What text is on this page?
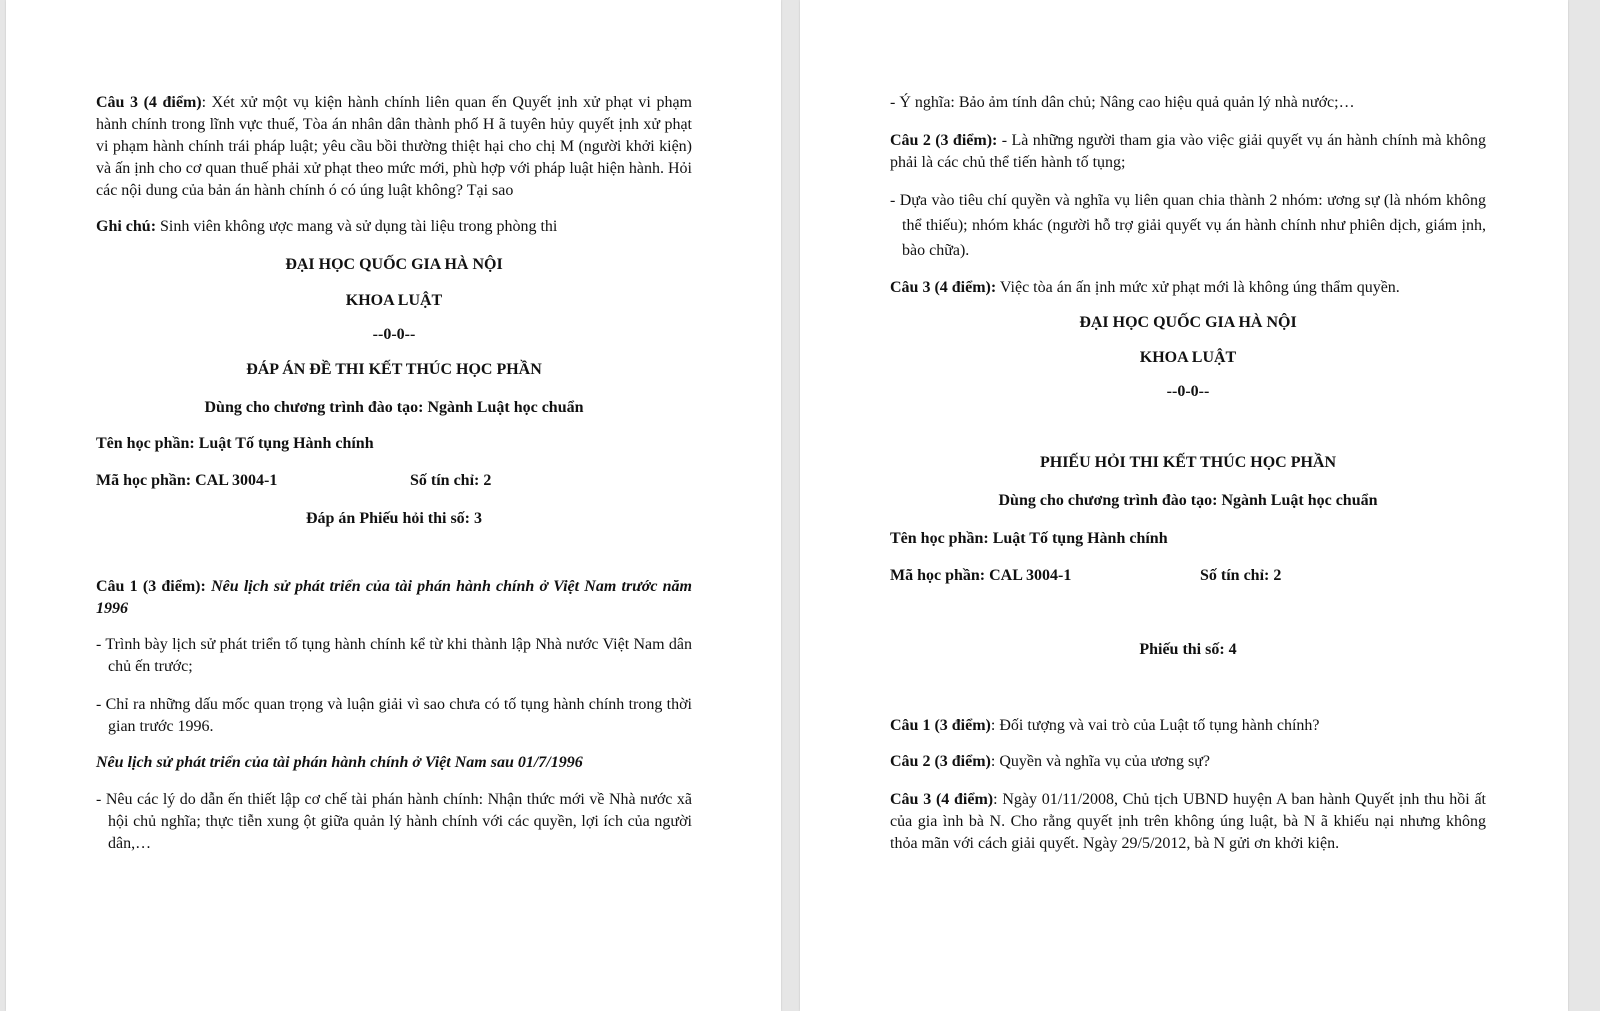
Câu 3 (4 điểm): Xét xử một vụ kiện hành chính liên quan ến Quyết ịnh xử phạt vi phạm hành chính trong lĩnh vực thuế, Tòa án nhân dân thành phố H ã tuyên hủy quyết ịnh xử phạt vi phạm hành chính trái pháp luật; yêu cầu bồi thường thiệt hại cho chị M (người khởi kiện) và ấn ịnh cho cơ quan thuế phải xử phạt theo mức mới, phù hợp với pháp luật hiện hành. Hỏi các nội dung của bản án hành chính ó có úng luật không? Tại sao

Ghi chú: Sinh viên không ược mang và sử dụng tài liệu trong phòng thi

ĐẠI HỌC QUỐC GIA HÀ NỘI

KHOA LUẬT

--0-0--

ĐÁP ÁN ĐỀ THI KẾT THÚC HỌC PHẦN

Dùng cho chương trình đào tạo: Ngành Luật học chuẩn

Tên học phần: Luật Tố tụng Hành chính

Mã học phần: CAL 3004-1	Số tín chỉ: 2

Đáp án Phiếu hỏi thi số: 3

Câu 1 (3 điểm): Nêu lịch sử phát triển của tài phán hành chính ở Việt Nam trước năm 1996

- Trình bày lịch sử phát triển tố tụng hành chính kể từ khi thành lập Nhà nước Việt Nam dân chủ ến trước;

- Chỉ ra những dấu mốc quan trọng và luận giải vì sao chưa có tố tụng hành chính trong thời gian trước 1996.

Nêu lịch sử phát triển của tài phán hành chính ở Việt Nam sau 01/7/1996

- Nêu các lý do dẫn ến thiết lập cơ chế tài phán hành chính: Nhận thức mới về Nhà nước xã hội chủ nghĩa; thực tiễn xung ột giữa quản lý hành chính với các quyền, lợi ích của người dân,…

- Ý nghĩa: Bảo ảm tính dân chủ; Nâng cao hiệu quả quản lý nhà nước;…

Câu 2 (3 điểm): - Là những người tham gia vào việc giải quyết vụ án hành chính mà không phải là các chủ thể tiến hành tố tụng;

- Dựa vào tiêu chí quyền và nghĩa vụ liên quan chia thành 2 nhóm: ương sự (là nhóm không thể thiếu); nhóm khác (người hỗ trợ giải quyết vụ án hành chính như phiên dịch, giám ịnh, bào chữa).

Câu 3 (4 điểm): Việc tòa án ấn ịnh mức xử phạt mới là không úng thẩm quyền.

ĐẠI HỌC QUỐC GIA HÀ NỘI

KHOA LUẬT

--0-0--

PHIẾU HỎI THI KẾT THÚC HỌC PHẦN

Dùng cho chương trình đào tạo: Ngành Luật học chuẩn

Tên học phần: Luật Tố tụng Hành chính

Mã học phần: CAL 3004-1	Số tín chỉ: 2

Phiếu thi số: 4

Câu 1 (3 điểm): Đối tượng và vai trò của Luật tố tụng hành chính?

Câu 2 (3 điểm): Quyền và nghĩa vụ của ương sự?

Câu 3 (4 điểm): Ngày 01/11/2008, Chủ tịch UBND huyện A ban hành Quyết ịnh thu hồi ất của gia ình bà N. Cho rằng quyết ịnh trên không úng luật, bà N ã khiếu nại nhưng không thỏa mãn với cách giải quyết. Ngày 29/5/2012, bà N gửi ơn khởi kiện.
